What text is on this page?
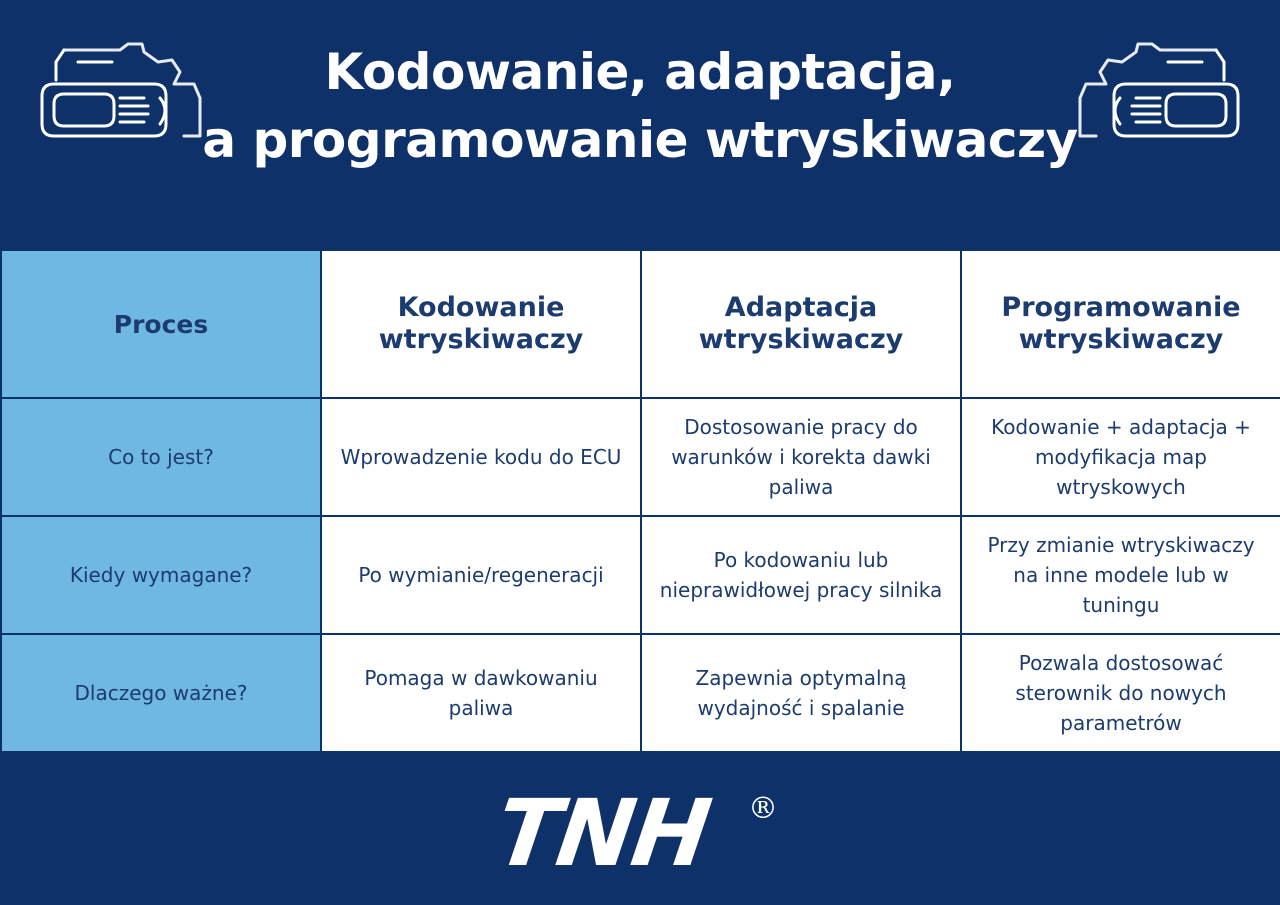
Kodowanie, adaptacja,
a programowanie wtryskiwaczy
Proces	Kodowanie wtryskiwaczy	Adaptacja wtryskiwaczy	Programowanie wtryskiwaczy
Co to jest?	Wprowadzenie kodu do ECU	Dostosowanie pracy do warunków i korekta dawki paliwa	Kodowanie + adaptacja + modyfikacja map wtryskowych
Kiedy wymagane?	Po wymianie/regeneracji	Po kodowaniu lub nieprawidłowej pracy silnika	Przy zmianie wtryskiwaczy na inne modele lub w tuningu
Dlaczego ważne?	Pomaga w dawkowaniu paliwa	Zapewnia optymalną wydajność i spalanie	Pozwala dostosować sterownik do nowych parametrów
TNH ®
